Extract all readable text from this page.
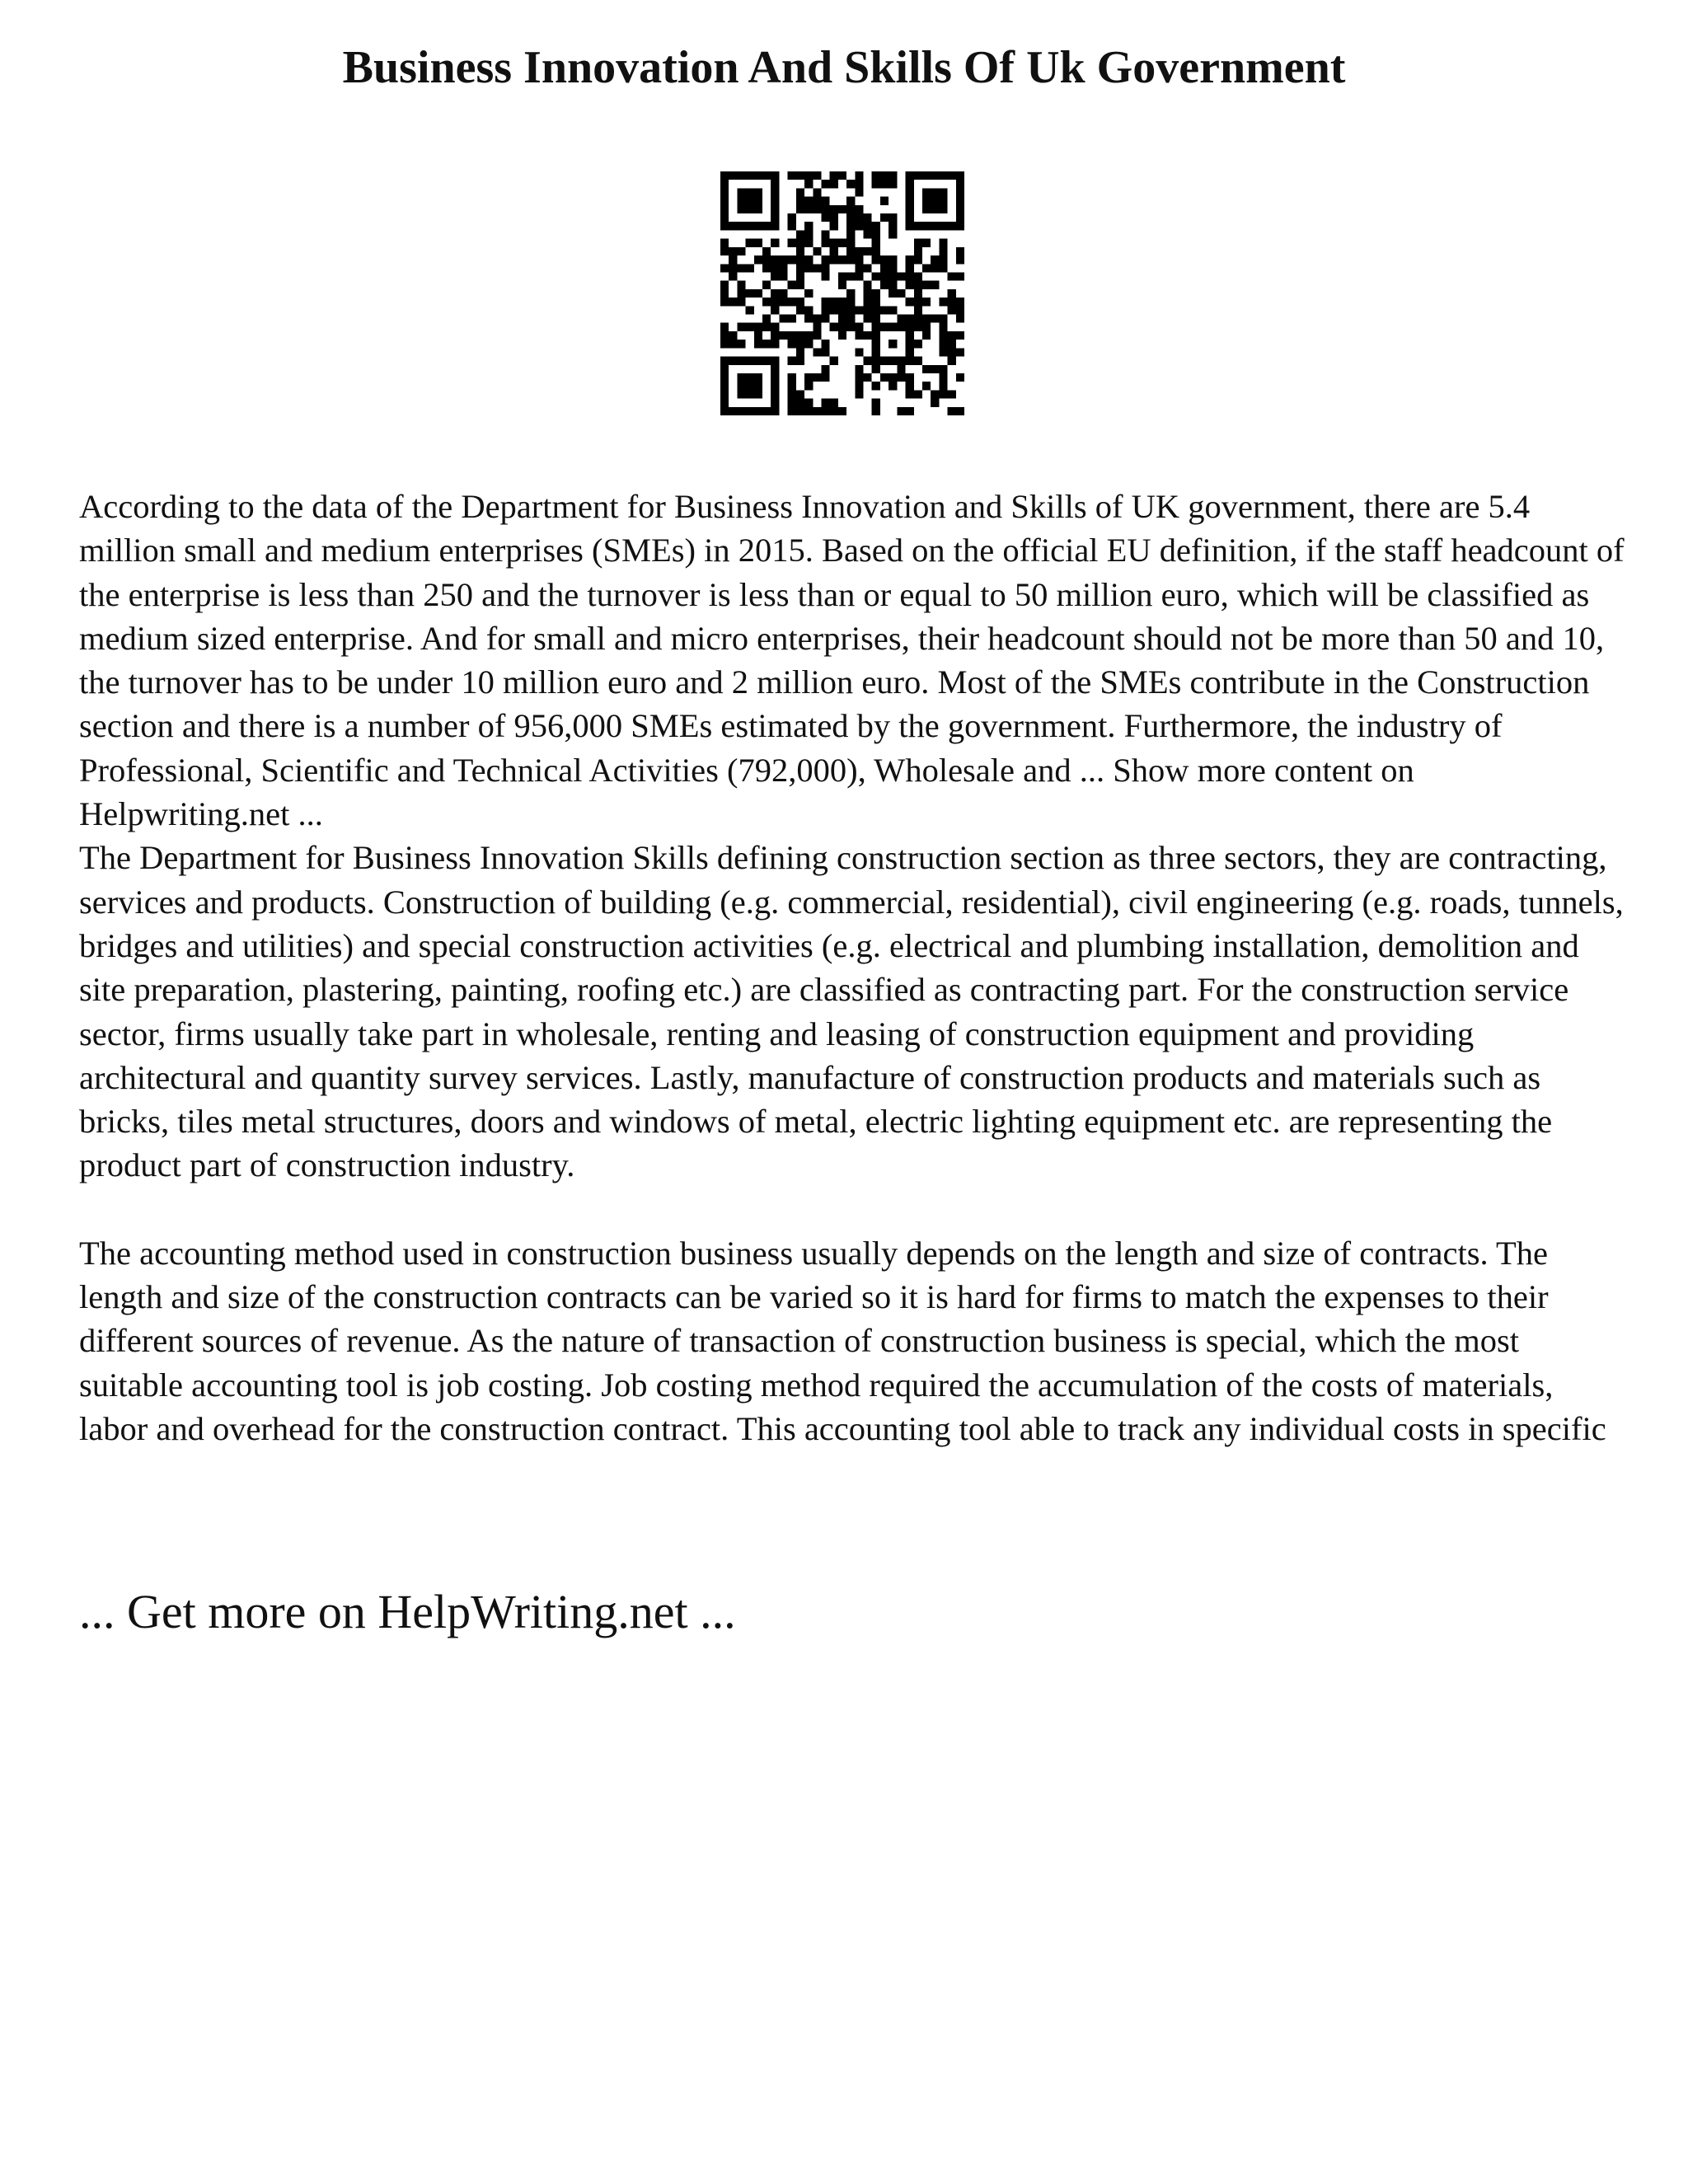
Business Innovation And Skills Of Uk Government

According to the data of the Department for Business Innovation and Skills of UK government, there are 5.4 million small and medium enterprises (SMEs) in 2015. Based on the official EU definition, if the staff headcount of the enterprise is less than 250 and the turnover is less than or equal to 50 million euro, which will be classified as medium sized enterprise. And for small and micro enterprises, their headcount should not be more than 50 and 10, the turnover has to be under 10 million euro and 2 million euro. Most of the SMEs contribute in the Construction section and there is a number of 956,000 SMEs estimated by the government. Furthermore, the industry of Professional, Scientific and Technical Activities (792,000), Wholesale and ... Show more content on Helpwriting.net ...

The Department for Business Innovation Skills defining construction section as three sectors, they are contracting, services and products. Construction of building (e.g. commercial, residential), civil engineering (e.g. roads, tunnels, bridges and utilities) and special construction activities (e.g. electrical and plumbing installation, demolition and site preparation, plastering, painting, roofing etc.) are classified as contracting part. For the construction service sector, firms usually take part in wholesale, renting and leasing of construction equipment and providing architectural and quantity survey services. Lastly, manufacture of construction products and materials such as bricks, tiles metal structures, doors and windows of metal, electric lighting equipment etc. are representing the product part of construction industry.

The accounting method used in construction business usually depends on the length and size of contracts. The length and size of the construction contracts can be varied so it is hard for firms to match the expenses to their different sources of revenue. As the nature of transaction of construction business is special, which the most suitable accounting tool is job costing. Job costing method required the accumulation of the costs of materials, labor and overhead for the construction contract. This accounting tool able to track any individual costs in specific

... Get more on HelpWriting.net ...
